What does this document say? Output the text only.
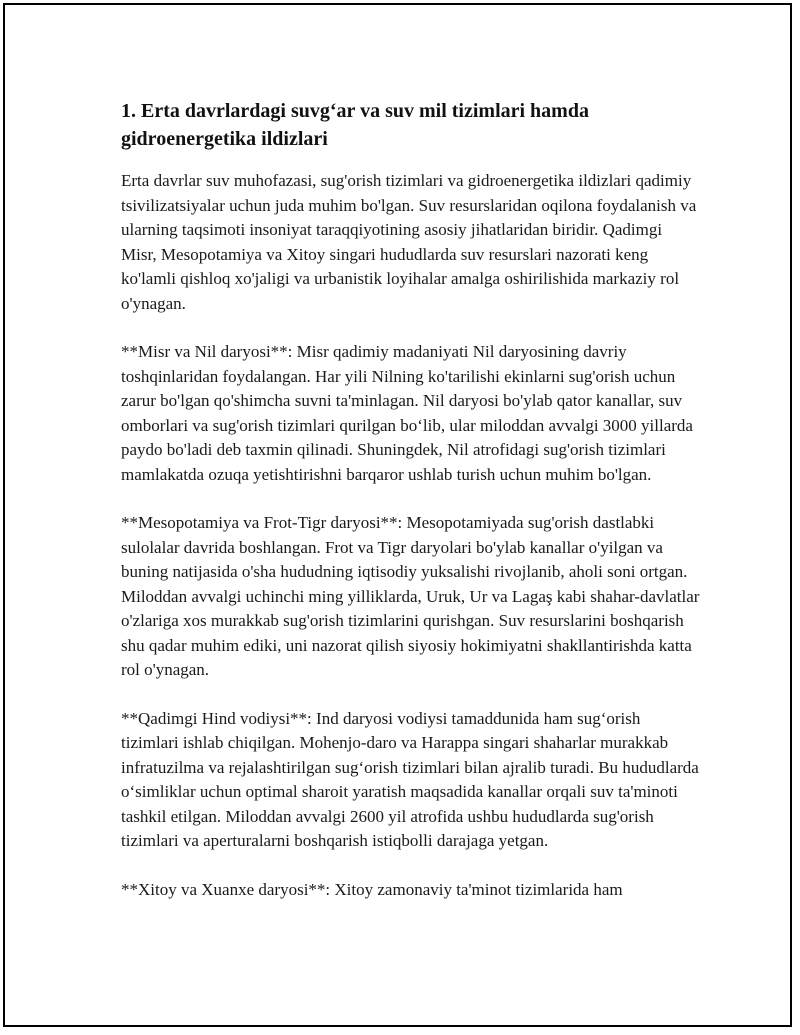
1. Erta davrlardagi suvg‘ar va suv mil tizimlari hamda gidroenergetika ildizlari

Erta davrlar suv muhofazasi, sug'orish tizimlari va gidroenergetika ildizlari qadimiy tsivilizatsiyalar uchun juda muhim bo'lgan. Suv resurslaridan oqilona foydalanish va ularning taqsimoti insoniyat taraqqiyotining asosiy jihatlaridan biridir. Qadimgi Misr, Mesopotamiya va Xitoy singari hududlarda suv resurslari nazorati keng ko'lamli qishloq xo'jaligi va urbanistik loyihalar amalga oshirilishida markaziy rol o'ynagan.

**Misr va Nil daryosi**: Misr qadimiy madaniyati Nil daryosining davriy toshqinlaridan foydalangan. Har yili Nilning ko'tarilishi ekinlarni sug'orish uchun zarur bo'lgan qo'shimcha suvni ta'minlagan. Nil daryosi bo'ylab qator kanallar, suv omborlari va sug'orish tizimlari qurilgan bo‘lib, ular miloddan avvalgi 3000 yillarda paydo bo'ladi deb taxmin qilinadi. Shuningdek, Nil atrofidagi sug'orish tizimlari mamlakatda ozuqa yetishtirishni barqaror ushlab turish uchun muhim bo'lgan.

**Mesopotamiya va Frot-Tigr daryosi**: Mesopotamiyada sug'orish dastlabki sulolalar davrida boshlangan. Frot va Tigr daryolari bo'ylab kanallar o'yilgan va buning natijasida o'sha hududning iqtisodiy yuksalishi rivojlanib, aholi soni ortgan. Miloddan avvalgi uchinchi ming yilliklarda, Uruk, Ur va Lagaş kabi shahar-davlatlar o'zlariga xos murakkab sug'orish tizimlarini qurishgan. Suv resurslarini boshqarish shu qadar muhim ediki, uni nazorat qilish siyosiy hokimiyatni shakllantirishda katta rol o'ynagan.

**Qadimgi Hind vodiysi**: Ind daryosi vodiysi tamaddunida ham sug‘orish tizimlari ishlab chiqilgan. Mohenjo-daro va Harappa singari shaharlar murakkab infratuzilma va rejalashtirilgan sug‘orish tizimlari bilan ajralib turadi. Bu hududlarda o‘simliklar uchun optimal sharoit yaratish maqsadida kanallar orqali suv ta'minoti tashkil etilgan. Miloddan avvalgi 2600 yil atrofida ushbu hududlarda sug'orish tizimlari va aperturalarni boshqarish istiqbolli darajaga yetgan.

**Xitoy va Xuanxe daryosi**: Xitoy zamonaviy ta'minot tizimlarida ham
